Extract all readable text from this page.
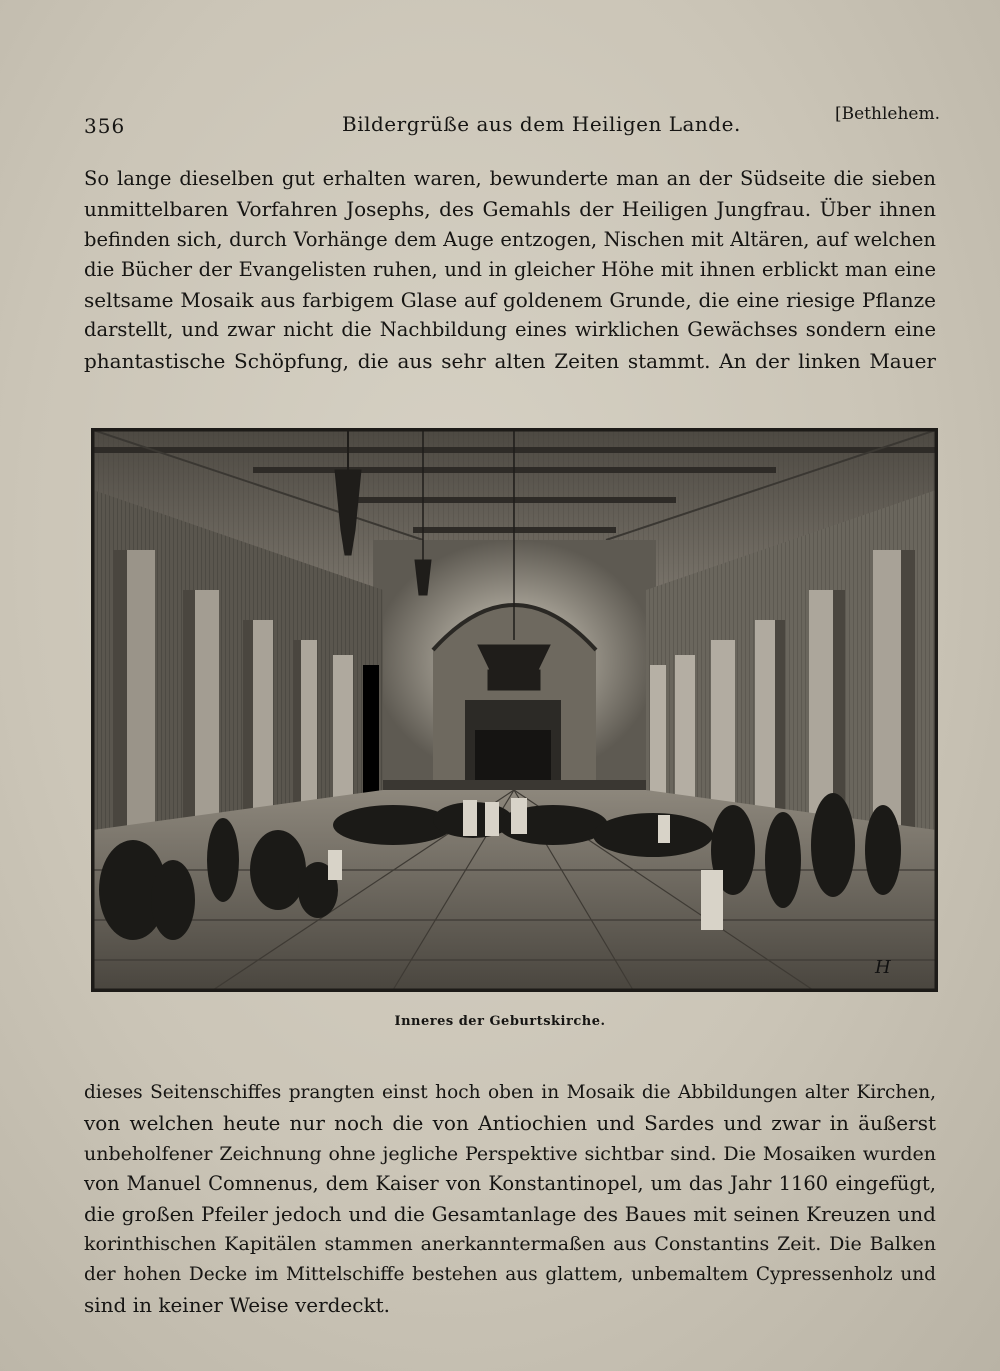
356	Bildergrüße aus dem Heiligen Lande.	[Bethlehem.
So lange dieselben gut erhalten waren, bewunderte man an der Südseite die sieben
unmittelbaren Vorfahren Josephs, des Gemahls der Heiligen Jungfrau. Über ihnen
befinden sich, durch Vorhänge dem Auge entzogen, Nischen mit Altären, auf welchen
die Bücher der Evangelisten ruhen, und in gleicher Höhe mit ihnen erblickt man eine
seltsame Mosaik aus farbigem Glase auf goldenem Grunde, die eine riesige Pflanze
darstellt, und zwar nicht die Nachbildung eines wirklichen Gewächses sondern eine
phantastische Schöpfung, die aus sehr alten Zeiten stammt. An der linken Mauer
H
Inneres der Geburtskirche.
dieses Seitenschiffes prangten einst hoch oben in Mosaik die Abbildungen alter Kirchen,
von welchen heute nur noch die von Antiochien und Sardes und zwar in äußerst
unbeholfener Zeichnung ohne jegliche Perspektive sichtbar sind. Die Mosaiken wurden
von Manuel Comnenus, dem Kaiser von Konstantinopel, um das Jahr 1160 eingefügt,
die großen Pfeiler jedoch und die Gesamtanlage des Baues mit seinen Kreuzen und
korinthischen Kapitälen stammen anerkanntermaßen aus Constantins Zeit. Die Balken
der hohen Decke im Mittelschiffe bestehen aus glattem, unbemaltem Cypressenholz und
sind in keiner Weise verdeckt.
